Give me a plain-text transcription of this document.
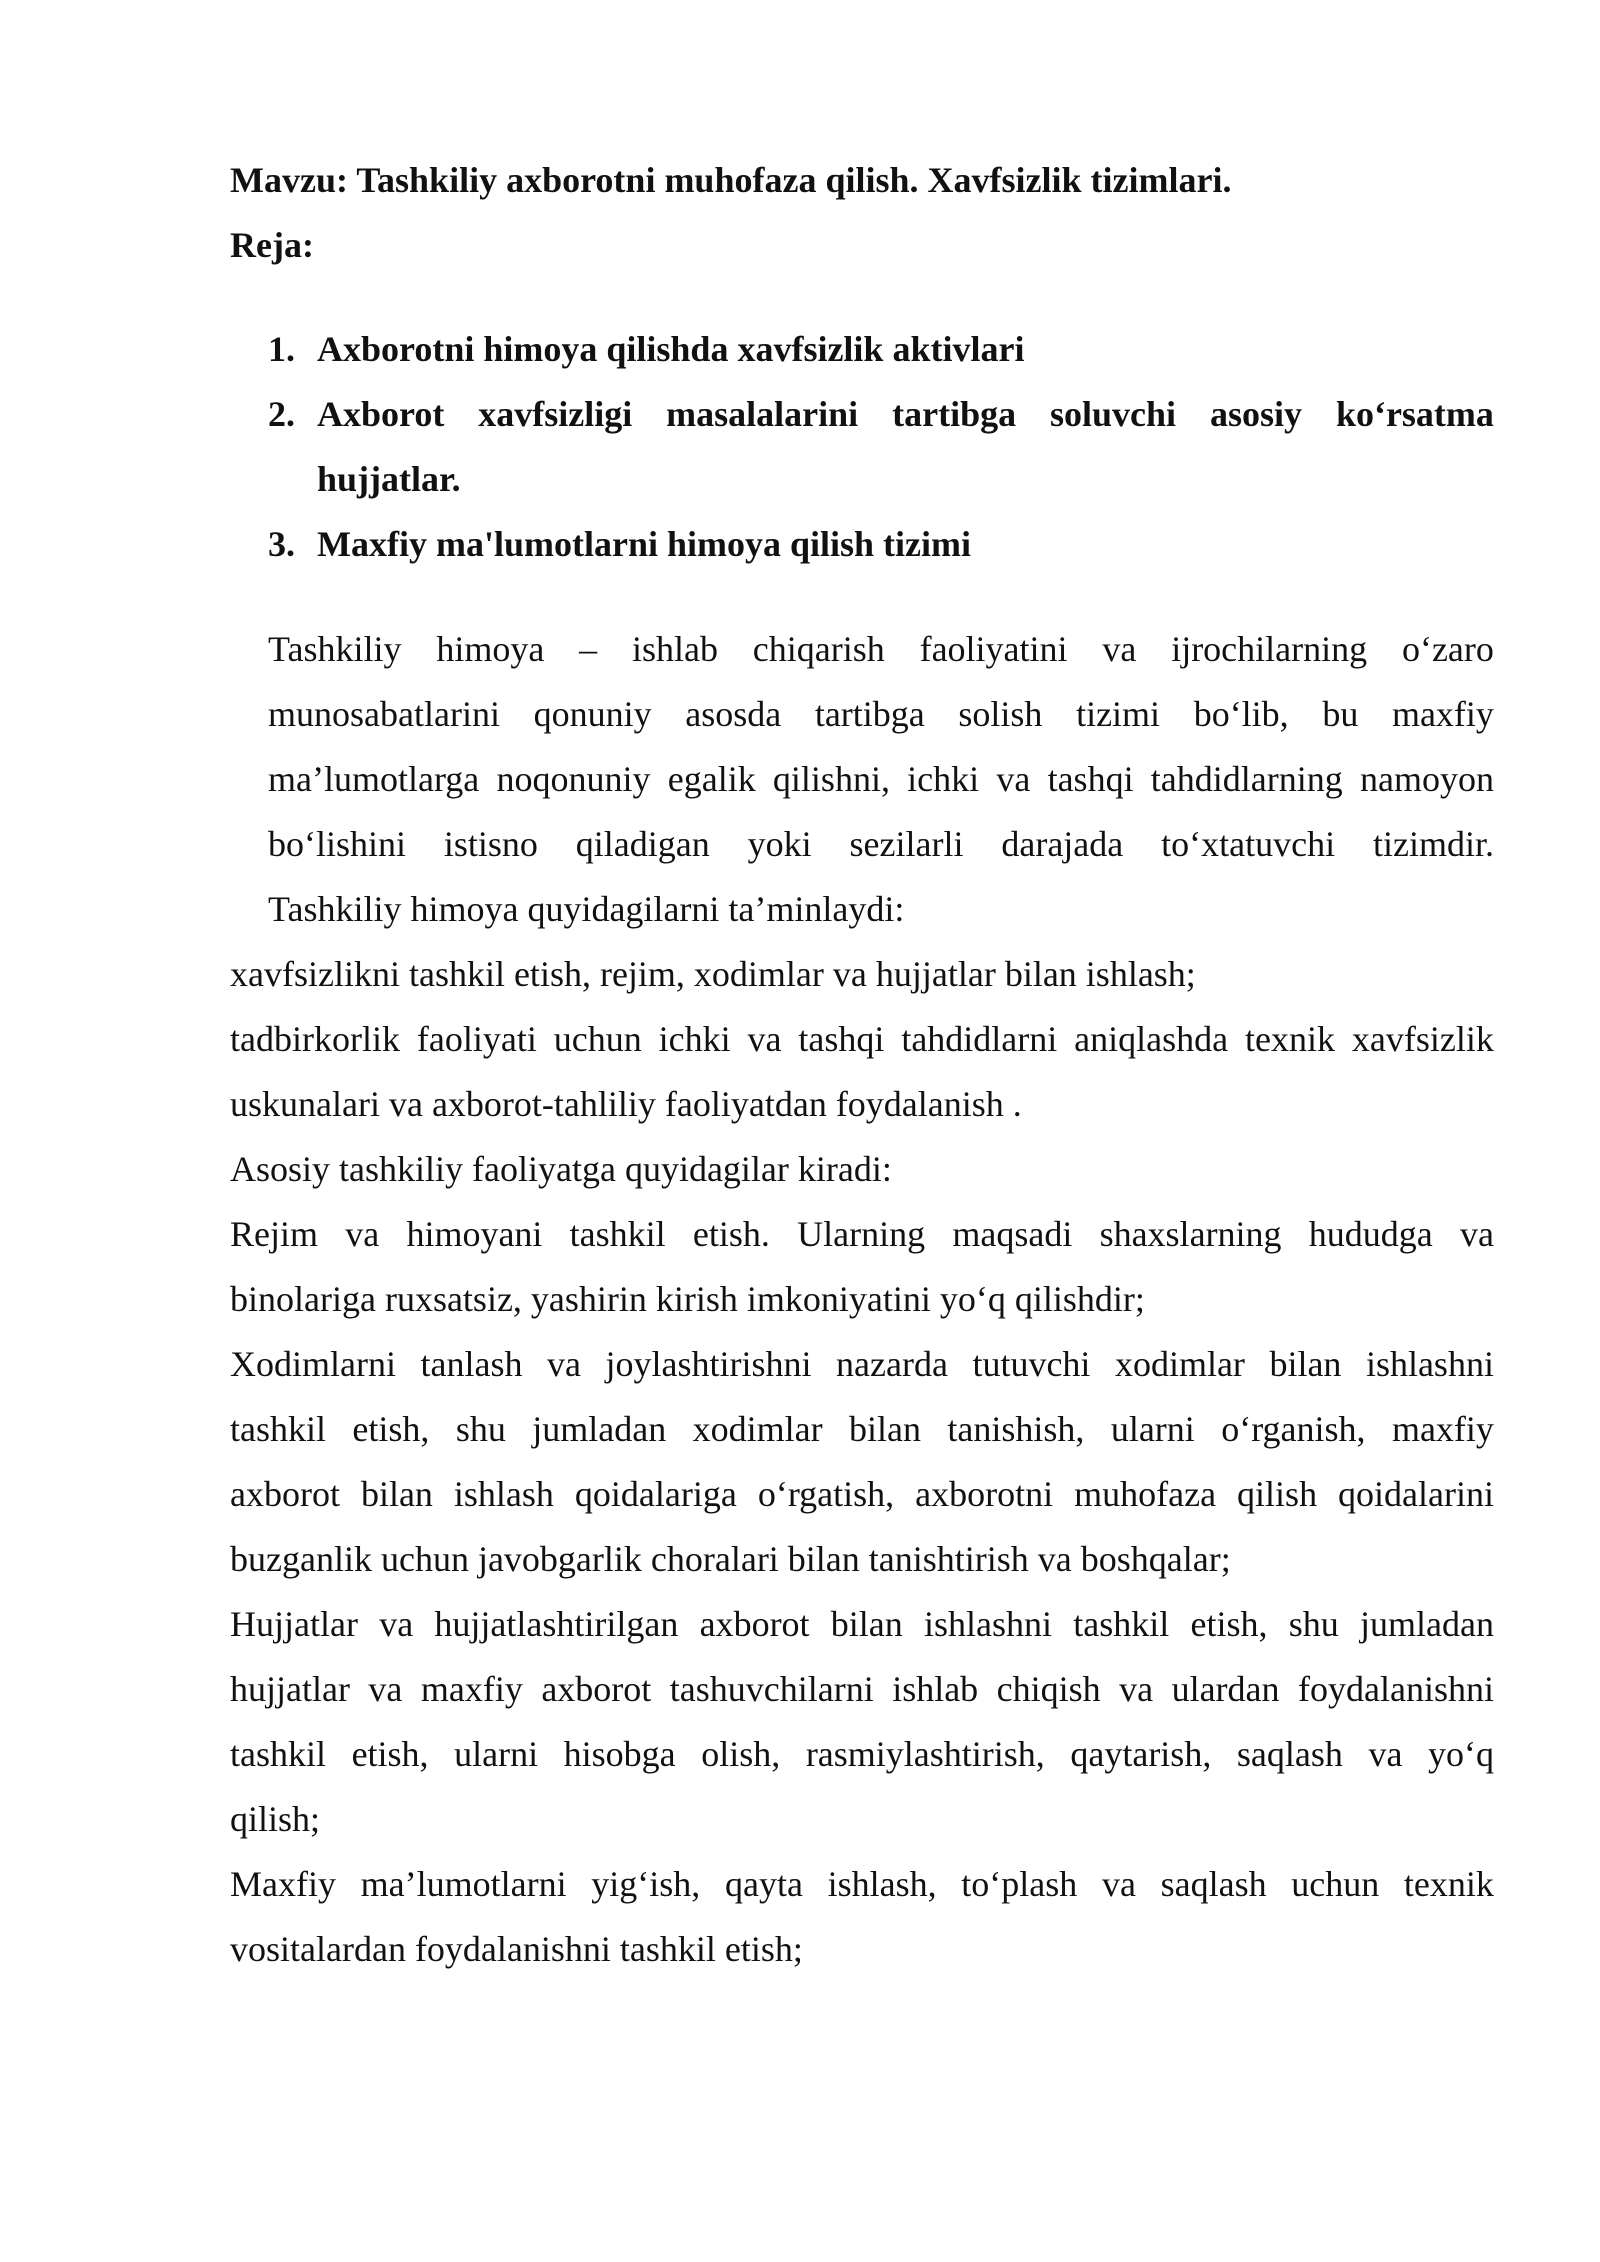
Mavzu: Tashkiliy axborotni muhofaza qilish. Xavfsizlik tizimlari.

Reja:

1. Axborotni himoya qilishda xavfsizlik aktivlari
2. Axborot xavfsizligi masalalarini tartibga soluvchi asosiy ko‘rsatma
hujjatlar.
3. Maxfiy ma'lumotlarni himoya qilish tizimi
Tashkiliy himoya – ishlab chiqarish faoliyatini va ijrochilarning o‘zaro
munosabatlarini qonuniy asosda tartibga solish tizimi bo‘lib, bu maxfiy
ma’lumotlarga noqonuniy egalik qilishni, ichki va tashqi tahdidlarning namoyon
bo‘lishini istisno qiladigan yoki sezilarli darajada to‘xtatuvchi tizimdir.
Tashkiliy himoya quyidagilarni ta’minlaydi:
xavfsizlikni tashkil etish, rejim, xodimlar va hujjatlar bilan ishlash;
tadbirkorlik faoliyati uchun ichki va tashqi tahdidlarni aniqlashda texnik xavfsizlik
uskunalari va axborot-tahliliy faoliyatdan foydalanish .
Asosiy tashkiliy faoliyatga quyidagilar kiradi:
Rejim va himoyani tashkil etish. Ularning maqsadi shaxslarning hududga va
binolariga ruxsatsiz, yashirin kirish imkoniyatini yo‘q qilishdir;
Xodimlarni tanlash va joylashtirishni nazarda tutuvchi xodimlar bilan ishlashni
tashkil etish, shu jumladan xodimlar bilan tanishish, ularni o‘rganish, maxfiy
axborot bilan ishlash qoidalariga o‘rgatish, axborotni muhofaza qilish qoidalarini
buzganlik uchun javobgarlik choralari bilan tanishtirish va boshqalar;
Hujjatlar va hujjatlashtirilgan axborot bilan ishlashni tashkil etish, shu jumladan
hujjatlar va maxfiy axborot tashuvchilarni ishlab chiqish va ulardan foydalanishni
tashkil etish, ularni hisobga olish, rasmiylashtirish, qaytarish, saqlash va yo‘q
qilish;
Maxfiy ma’lumotlarni yig‘ish, qayta ishlash, to‘plash va saqlash uchun texnik
vositalardan foydalanishni tashkil etish;
